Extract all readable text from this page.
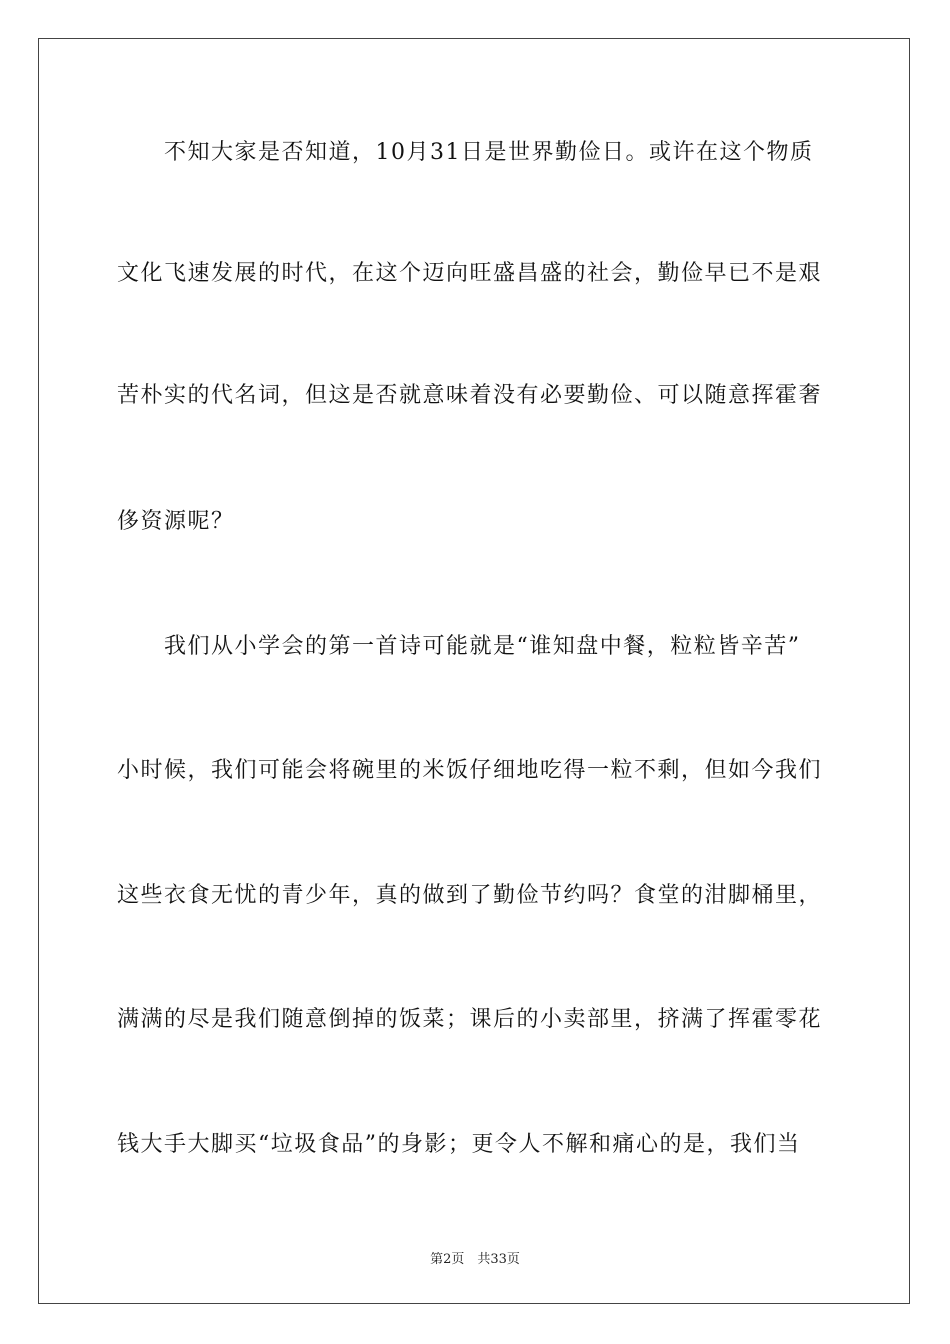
不知大家是否知道，10月31日是世界勤俭日。或许在这个物质
文化飞速发展的时代，在这个迈向旺盛昌盛的社会，勤俭早已不是艰
苦朴实的代名词，但这是否就意味着没有必要勤俭、可以随意挥霍奢
侈资源呢？
我们从小学会的第一首诗可能就是“谁知盘中餐，粒粒皆辛苦”
小时候，我们可能会将碗里的米饭仔细地吃得一粒不剩，但如今我们
这些衣食无忧的青少年，真的做到了勤俭节约吗？食堂的泔脚桶里，
满满的尽是我们随意倒掉的饭菜；课后的小卖部里，挤满了挥霍零花
钱大手大脚买“垃圾食品”的身影；更令人不解和痛心的是，我们当
第2页　共33页
